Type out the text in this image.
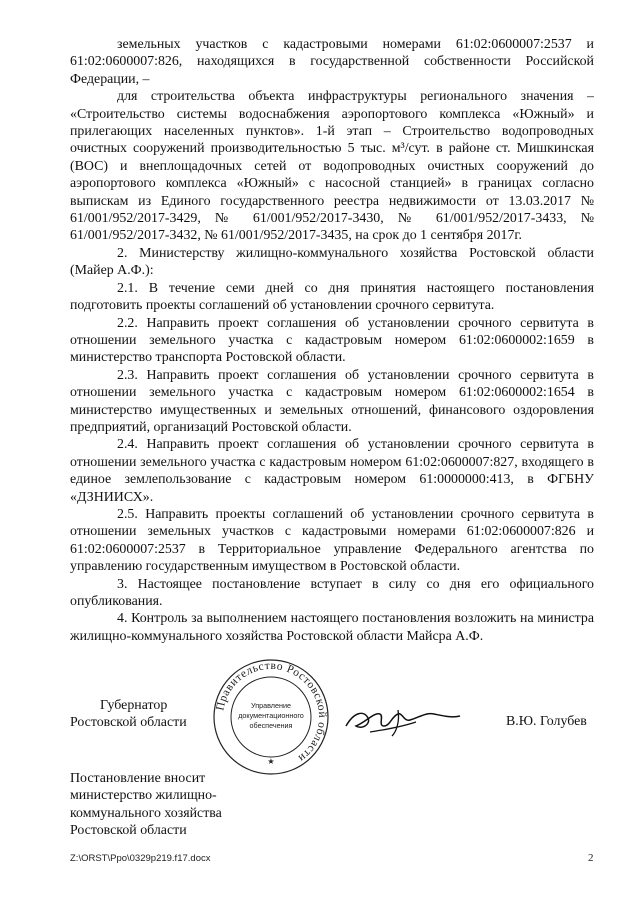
земельных участков с кадастровыми номерами 61:02:0600007:2537 и 61:02:0600007:826, находящихся в государственной собственности Российской Федерации, –

для строительства объекта инфраструктуры регионального значения – «Строительство системы водоснабжения аэропортового комплекса «Южный» и прилегающих населенных пунктов». 1-й этап – Строительство водопроводных очистных сооружений производительностью 5 тыс. м³/сут. в районе ст. Мишкинская (ВОС) и внеплощадочных сетей от водопроводных очистных сооружений до аэропортового комплекса «Южный» с насосной станцией» в границах согласно выпискам из Единого государственного реестра недвижимости от 13.03.2017 № 61/001/952/2017-3429, № 61/001/952/2017-3430, № 61/001/952/2017-3433, № 61/001/952/2017-3432, № 61/001/952/2017-3435, на срок до 1 сентября 2017г.

2. Министерству жилищно-коммунального хозяйства Ростовской области (Майер А.Ф.):

2.1. В течение семи дней со дня принятия настоящего постановления подготовить проекты соглашений об установлении срочного сервитута.

2.2. Направить проект соглашения об установлении срочного сервитута в отношении земельного участка с кадастровым номером 61:02:0600002:1659 в министерство транспорта Ростовской области.

2.3. Направить проект соглашения об установлении срочного сервитута в отношении земельного участка с кадастровым номером 61:02:0600002:1654 в министерство имущественных и земельных отношений, финансового оздоровления предприятий, организаций Ростовской области.

2.4. Направить проект соглашения об установлении срочного сервитута в отношении земельного участка с кадастровым номером 61:02:0600007:827, входящего в единое землепользование с кадастровым номером 61:0000000:413, в ФГБНУ «ДЗНИИСХ».

2.5. Направить проекты соглашений об установлении срочного сервитута в отношении земельных участков с кадастровыми номерами 61:02:0600007:826 и 61:02:0600007:2537 в Территориальное управление Федерального агентства по управлению государственным имуществом в Ростовской области.

3. Настоящее постановление вступает в силу со дня его официального опубликования.

4. Контроль за выполнением настоящего постановления возложить на министра жилищно-коммунального хозяйства Ростовской области Майсра А.Ф.

Губернатор
Ростовской области
Правительство Ростовской области
Управление
документационного
обеспечения
★
В.Ю. Голубев
Постановление вносит
министерство жилищно-
коммунального хозяйства
Ростовской области
Z:\ORST\Ppo\0329p219.f17.docx	2
